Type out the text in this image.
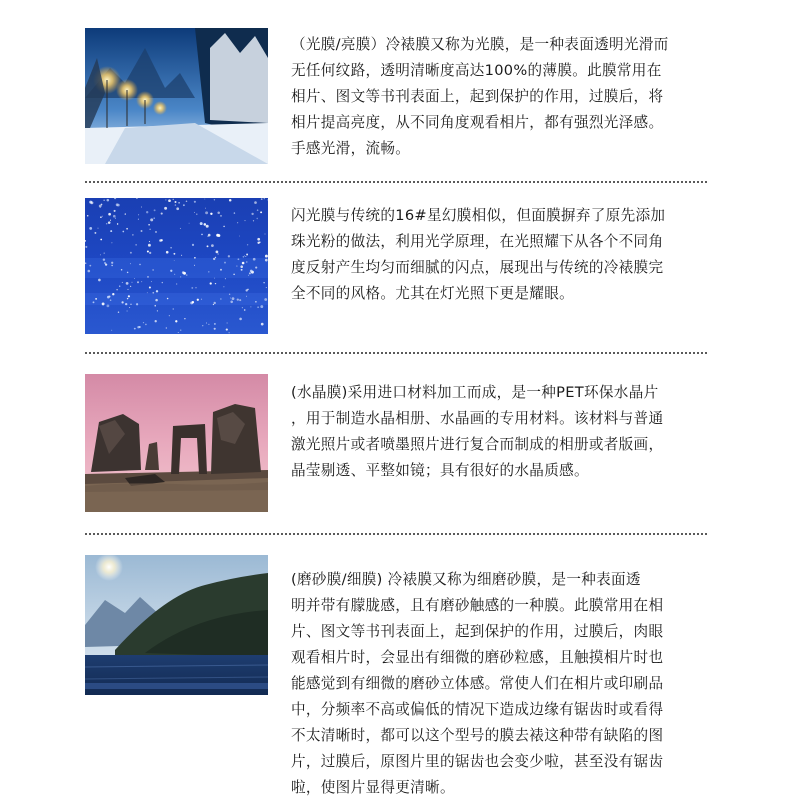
（光膜/亮膜）冷裱膜又称为光膜，是一种表面透明光滑而
无任何纹路，透明清晰度高达100%的薄膜。此膜常用在
相片、图文等书刊表面上，起到保护的作用，过膜后，将
相片提高亮度，从不同角度观看相片，都有强烈光泽感。
手感光滑，流畅。

闪光膜与传统的16#星幻膜相似，但面膜摒弃了原先添加
珠光粉的做法，利用光学原理，在光照耀下从各个不同角
度反射产生均匀而细腻的闪点，展现出与传统的冷裱膜完
全不同的风格。尤其在灯光照下更是耀眼。

(水晶膜)采用进口材料加工而成，是一种PET环保水晶片
，用于制造水晶相册、水晶画的专用材料。该材料与普通
激光照片或者喷墨照片进行复合而制成的相册或者版画，
晶莹剔透、平整如镜；具有很好的水晶质感。

(磨砂膜/细膜) 冷裱膜又称为细磨砂膜，是一种表面透
明并带有朦胧感，且有磨砂触感的一种膜。此膜常用在相
片、图文等书刊表面上，起到保护的作用，过膜后，肉眼
观看相片时，会显出有细微的磨砂粒感，且触摸相片时也
能感觉到有细微的磨砂立体感。常使人们在相片或印刷品
中，分频率不高或偏低的情况下造成边缘有锯齿时或看得
不太清晰时，都可以这个型号的膜去裱这种带有缺陷的图
片，过膜后，原图片里的锯齿也会变少啦，甚至没有锯齿
啦，使图片显得更清晰。
